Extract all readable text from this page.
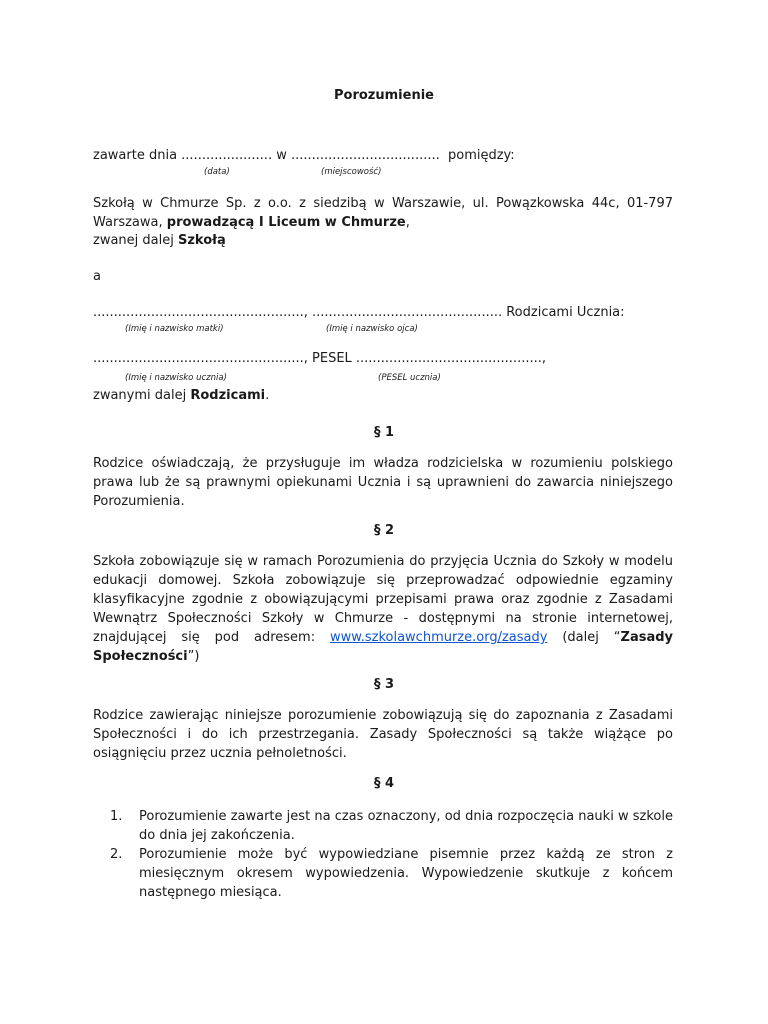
Porozumienie
zawarte dnia ...................... w .................................... pomiędzy:
(data)	(miejscowość)
Szkołą w Chmurze Sp. z o.o. z siedzibą w Warszawie, ul. Powązkowska 44c, 01-797 Warszawa, prowadzącą I Liceum w Chmurze,
zwanej dalej Szkołą
a
..................................................., .............................................. Rodzicami Ucznia:
(Imię i nazwisko matki)	(Imię i nazwisko ojca)
..................................................., PESEL .............................................,
(Imię i nazwisko ucznia)	(PESEL ucznia)
zwanymi dalej Rodzicami.
§ 1
Rodzice oświadczają, że przysługuje im władza rodzicielska w rozumieniu polskiego prawa lub że są prawnymi opiekunami Ucznia i są uprawnieni do zawarcia niniejszego Porozumienia.
§ 2
Szkoła zobowiązuje się w ramach Porozumienia do przyjęcia Ucznia do Szkoły w modelu edukacji domowej. Szkoła zobowiązuje się przeprowadzać odpowiednie egzaminy klasyfikacyjne zgodnie z obowiązującymi przepisami prawa oraz zgodnie z Zasadami Wewnątrz Społeczności Szkoły w Chmurze - dostępnymi na stronie internetowej, znajdującej się pod adresem: www.szkolawchmurze.org/zasady (dalej “Zasady Społeczności”)
§ 3
Rodzice zawierając niniejsze porozumienie zobowiązują się do zapoznania z Zasadami Społeczności i do ich przestrzegania. Zasady Społeczności są także wiążące po osiągnięciu przez ucznia pełnoletności.
§ 4
1. Porozumienie zawarte jest na czas oznaczony, od dnia rozpoczęcia nauki w szkole do dnia jej zakończenia.
2. Porozumienie może być wypowiedziane pisemnie przez każdą ze stron z miesięcznym okresem wypowiedzenia. Wypowiedzenie skutkuje z końcem następnego miesiąca.
